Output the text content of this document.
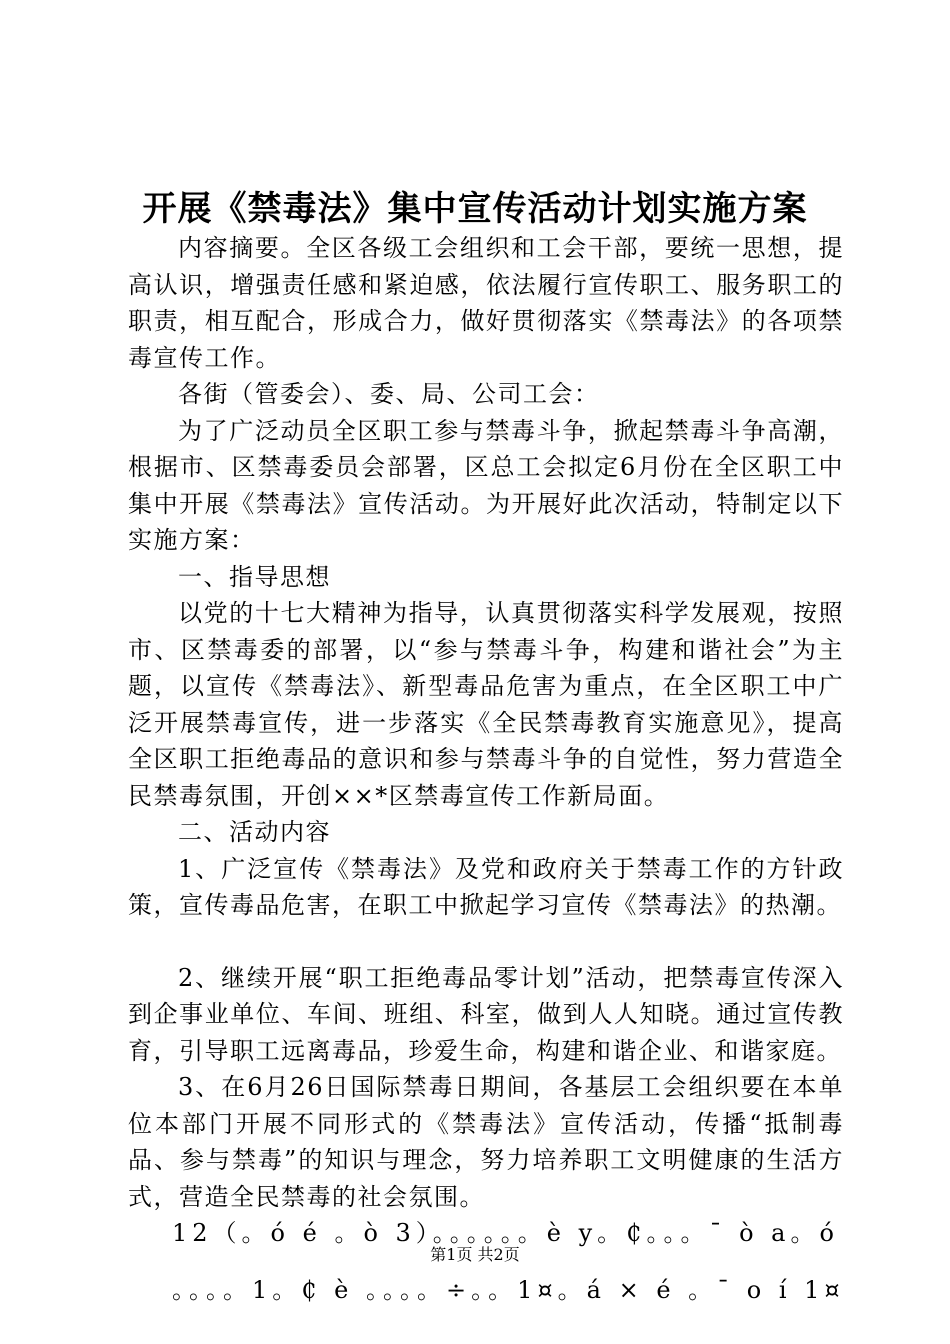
开展《禁毒法》集中宣传活动计划实施方案

内容摘要。全区各级工会组织和工会干部，要统一思想，提高认识，增强责任感和紧迫感，依法履行宣传职工、服务职工的职责，相互配合，形成合力，做好贯彻落实《禁毒法》的各项禁毒宣传工作。

各街（管委会）、委、局、公司工会：

为了广泛动员全区职工参与禁毒斗争，掀起禁毒斗争高潮，根据市、区禁毒委员会部署，区总工会拟定6月份在全区职工中集中开展《禁毒法》宣传活动。为开展好此次活动，特制定以下实施方案：

一、指导思想

以党的十七大精神为指导，认真贯彻落实科学发展观，按照市、区禁毒委的部署，以“参与禁毒斗争，构建和谐社会”为主题，以宣传《禁毒法》、新型毒品危害为重点，在全区职工中广泛开展禁毒宣传，进一步落实《全民禁毒教育实施意见》，提高全区职工拒绝毒品的意识和参与禁毒斗争的自觉性，努力营造全民禁毒氛围，开创××*区禁毒宣传工作新局面。

二、活动内容

1、广泛宣传《禁毒法》及党和政府关于禁毒工作的方针政策，宣传毒品危害，在职工中掀起学习宣传《禁毒法》的热潮。

2、继续开展“职工拒绝毒品零计划”活动，把禁毒宣传深入到企事业单位、车间、班组、科室，做到人人知晓。通过宣传教育，引导职工远离毒品，珍爱生命，构建和谐企业、和谐家庭。

3、在6月26日国际禁毒日期间，各基层工会组织要在本单位本部门开展不同形式的《禁毒法》宣传活动，传播“抵制毒品、参与禁毒”的知识与理念，努力培养职工文明健康的生活方式，营造全民禁毒的社会氛围。

12（。ó é 。ò 3）。。。。。。è y。₵。。。¯ ò a。ó

。。。。1。₵ è 。。。。÷。。1¤。á × é 。¯ o í 1¤

第1页 共2页
